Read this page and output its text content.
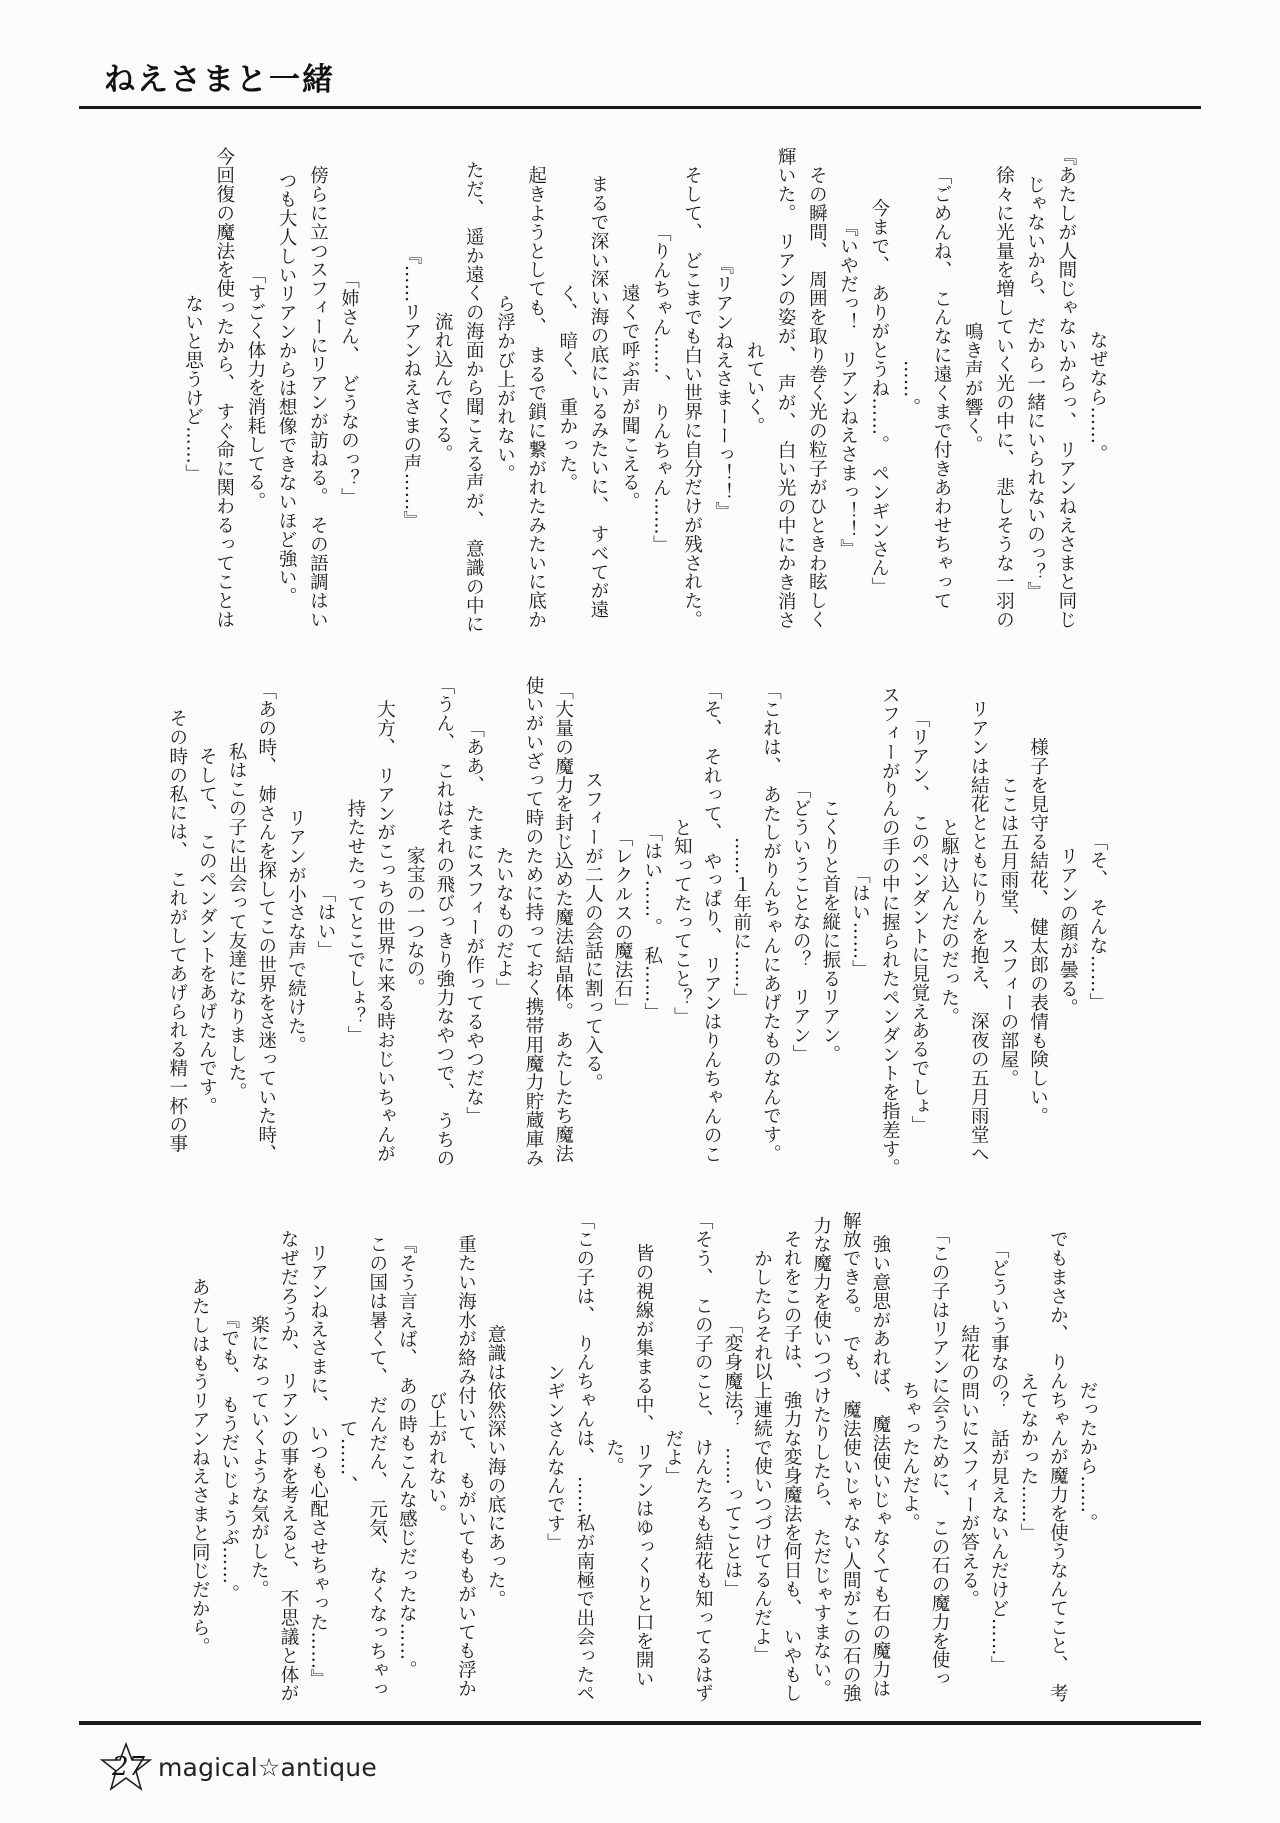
ねえさまと一緒
　なぜなら……。
『あたしが人間じゃないからっ、　リアンねえさまと同じ
じゃないから、　だから一緒にいられないのっ？』
　徐々に光量を増していく光の中に、　悲しそうな一羽の
鳴き声が響く。
「ごめんね、　こんなに遠くまで付きあわせちゃって
……。
　今まで、　ありがとうね……。　ペンギンさん」
『いやだっ！　リアンねえさまっ！！』
　その瞬間、　周囲を取り巻く光の粒子がひときわ眩しく
輝いた。　リアンの姿が、　声が、　白い光の中にかき消さ
れていく。
『リアンねえさまーーっ！！』
　そして、　どこまでも白い世界に自分だけが残された。
「りんちゃん……、　りんちゃん……」
　遠くで呼ぶ声が聞こえる。
　まるで深い深い海の底にいるみたいに、　すべてが遠
く、　暗く、　重かった。
　起きようとしても、　まるで鎖に繋がれたみたいに底か
ら浮かび上がれない。
　ただ、　遥か遠くの海面から聞こえる声が、　意識の中に
流れ込んでくる。
『……リアンねえさまの声……』
「姉さん、　どうなのっ？」
　傍らに立つスフィーにリアンが訪ねる。　その語調はい
つも大人しいリアンからは想像できないほど強い。
「すごく体力を消耗してる。
今回復の魔法を使ったから、　すぐ命に関わるってことは
ないと思うけど……」
「そ、　そんな……」
　リアンの顔が曇る。
　様子を見守る結花、　健太郎の表情も険しい。
　ここは五月雨堂、　スフィーの部屋。
　リアンは結花とともにりんを抱え、　深夜の五月雨堂へ
と駆け込んだのだった。
「リアン、　このペンダントに見覚えあるでしょ」
　スフィーがりんの手の中に握られたペンダントを指差す。
「はい……」
　こくりと首を縦に振るリアン。
「どういうことなの？　リアン」
「これは、　あたしがりんちゃんにあげたものなんです。
……１年前に……」
「そ、　それって、　やっぱり、　リアンはりんちゃんのこ
と知ってたってこと？」
「はい……。　私……」
「レクルスの魔法石」
　スフィーが二人の会話に割って入る。
「大量の魔力を封じ込めた魔法結晶体。　あたしたち魔法
使いがいざって時のために持っておく携帯用魔力貯蔵庫み
たいなものだよ」
「ああ、　たまにスフィーが作ってるやつだな」
「うん、　これはそれの飛びっきり強力なやつで、　うちの
家宝の一つなの。
　大方、　リアンがこっちの世界に来る時おじいちゃんが
持たせたってとこでしょ？」
「はい」
　リアンが小さな声で続けた。
「あの時、　姉さんを探してこの世界をさ迷っていた時、
私はこの子に出会って友達になりました。
　そして、　このペンダントをあげたんです。
　その時の私には、　これがしてあげられる精一杯の事
だったから……。
　でもまさか、　りんちゃんが魔力を使うなんてこと、　考
えてなかった……」
「どういう事なの？　話が見えないんだけど……」
　結花の問いにスフィーが答える。
「この子はリアンに会うために、　この石の魔力を使っ
ちゃったんだよ。
　強い意思があれば、　魔法使いじゃなくても石の魔力は
解放できる。　でも、　魔法使いじゃない人間がこの石の強
力な魔力を使いつづけたりしたら、　ただじゃすまない。
　それをこの子は、　強力な変身魔法を何日も、　いやもし
かしたらそれ以上連続で使いつづけてるんだよ」
「変身魔法？　……ってことは」
「そう、　この子のこと、　けんたろも結花も知ってるはず
だよ」
　皆の視線が集まる中、　リアンはゆっくりと口を開い
た。
「この子は、　りんちゃんは、　……私が南極で出会ったペ
ンギンさんなんです」
　意識は依然深い海の底にあった。
　重たい海水が絡み付いて、　もがいてももがいても浮か
び上がれない。
『そう言えば、　あの時もこんな感じだったな……。
　この国は暑くて、　だんだん、　元気、　なくなっちゃっ
て……、
　リアンねえさまに、　いつも心配させちゃった……』
　なぜだろうか、　リアンの事を考えると、　不思議と体が
楽になっていくような気がした。
『でも、　もうだいじょうぶ……。
　あたしはもうリアンねえさまと同じだから。
27 magical☆antique
